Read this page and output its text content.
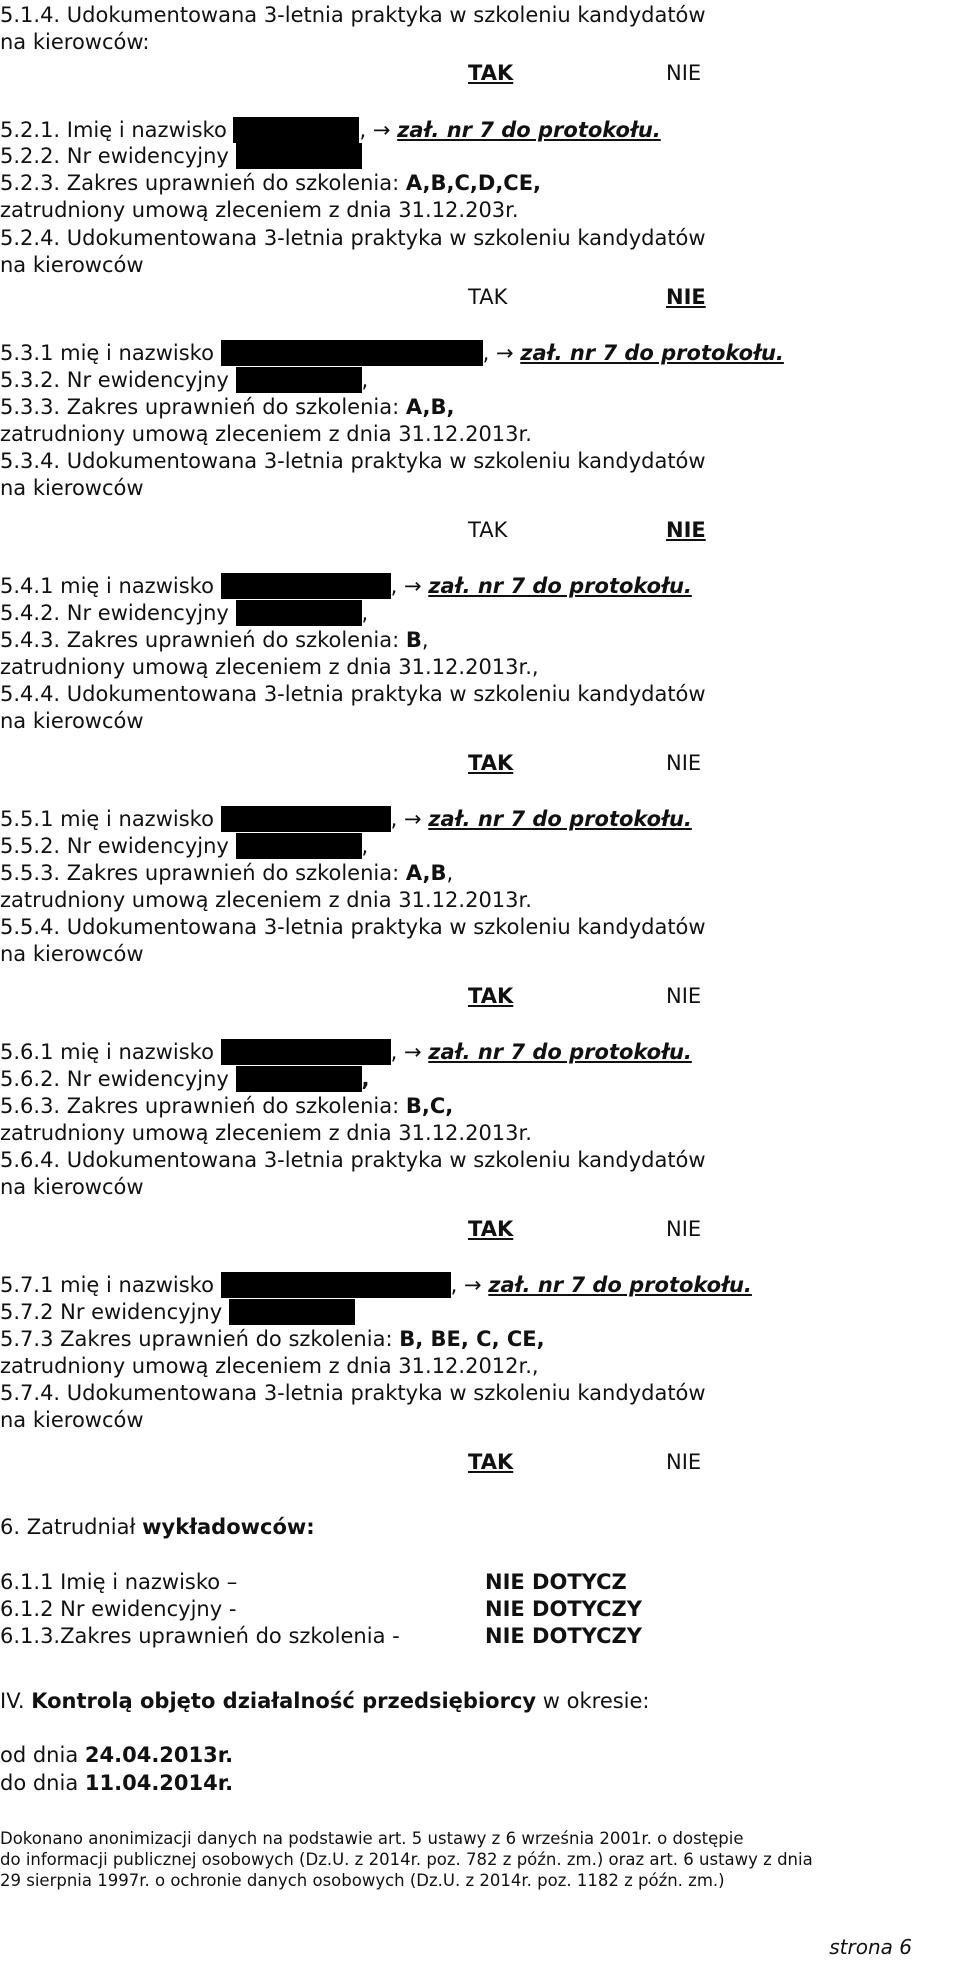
5.1.4. Udokumentowana 3-letnia praktyka w szkoleniu kandydatów
na kierowców:
TAK	NIE
5.2.1. Imię i nazwisko	, → zał. nr 7 do protokołu.
5.2.2. Nr ewidencyjny
5.2.3. Zakres uprawnień do szkolenia: A,B,C,D,CE,
zatrudniony umową zleceniem z dnia 31.12.203r.
5.2.4. Udokumentowana 3-letnia praktyka w szkoleniu kandydatów
na kierowców
TAK	NIE
5.3.1 mię i nazwisko	, → zał. nr 7 do protokołu.
5.3.2. Nr ewidencyjny	,
5.3.3. Zakres uprawnień do szkolenia: A,B,
zatrudniony umową zleceniem z dnia 31.12.2013r.
5.3.4. Udokumentowana 3-letnia praktyka w szkoleniu kandydatów
na kierowców
TAK	NIE
5.4.1 mię i nazwisko	, → zał. nr 7 do protokołu.
5.4.2. Nr ewidencyjny	,
5.4.3. Zakres uprawnień do szkolenia: B,
zatrudniony umową zleceniem z dnia 31.12.2013r.,
5.4.4. Udokumentowana 3-letnia praktyka w szkoleniu kandydatów
na kierowców
TAK	NIE
5.5.1 mię i nazwisko	, → zał. nr 7 do protokołu.
5.5.2. Nr ewidencyjny	,
5.5.3. Zakres uprawnień do szkolenia: A,B,
zatrudniony umową zleceniem z dnia 31.12.2013r.
5.5.4. Udokumentowana 3-letnia praktyka w szkoleniu kandydatów
na kierowców
TAK	NIE
5.6.1 mię i nazwisko	, → zał. nr 7 do protokołu.
5.6.2. Nr ewidencyjny	,
5.6.3. Zakres uprawnień do szkolenia: B,C,
zatrudniony umową zleceniem z dnia 31.12.2013r.
5.6.4. Udokumentowana 3-letnia praktyka w szkoleniu kandydatów
na kierowców
TAK	NIE
5.7.1 mię i nazwisko	, → zał. nr 7 do protokołu.
5.7.2 Nr ewidencyjny
5.7.3 Zakres uprawnień do szkolenia: B, BE, C, CE,
zatrudniony umową zleceniem z dnia 31.12.2012r.,
5.7.4. Udokumentowana 3-letnia praktyka w szkoleniu kandydatów
na kierowców
TAK	NIE
6. Zatrudniał wykładowców:
6.1.1 Imię i nazwisko –	NIE DOTYCZ
6.1.2 Nr ewidencyjny -	NIE DOTYCZY
6.1.3.Zakres uprawnień do szkolenia -	NIE DOTYCZY
IV. Kontrolą objęto działalność przedsiębiorcy w okresie:
od dnia 24.04.2013r.
do dnia 11.04.2014r.
Dokonano anonimizacji danych na podstawie art. 5 ustawy z 6 września 2001r. o dostępie
do informacji publicznej osobowych (Dz.U. z 2014r. poz. 782 z późn. zm.) oraz art. 6 ustawy z dnia
29 sierpnia 1997r. o ochronie danych osobowych (Dz.U. z 2014r. poz. 1182 z późn. zm.)
strona 6
